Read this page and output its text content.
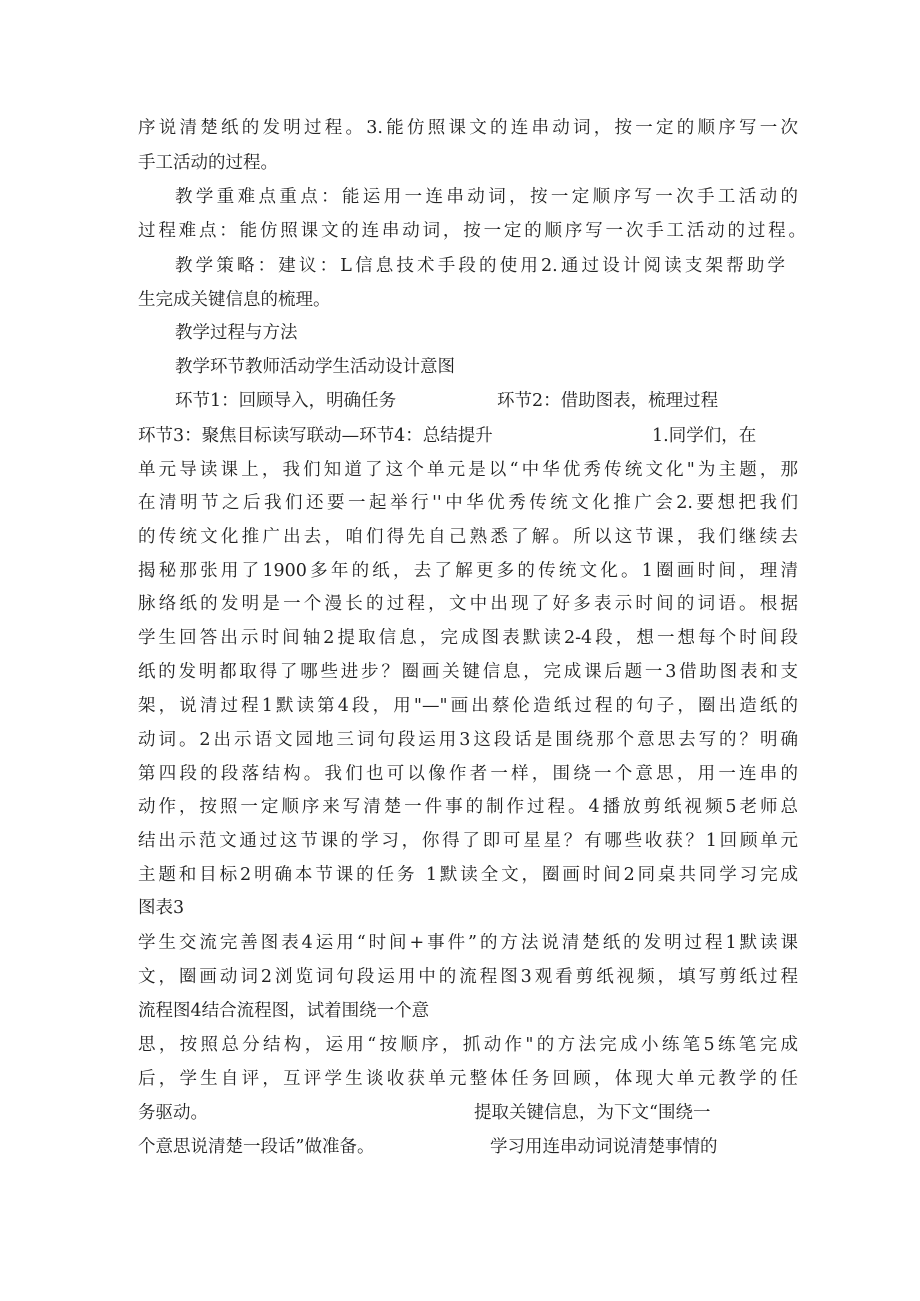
序说清楚纸的发明过程。3.能仿照课文的连串动词，按一定的顺序写一次
手工活动的过程。
教学重难点重点：能运用一连串动词，按一定顺序写一次手工活动的
过程难点：能仿照课文的连串动词，按一定的顺序写一次手工活动的过程。
教学策略：建议：L信息技术手段的使用2.通过设计阅读支架帮助学
生完成关键信息的梳理。
教学过程与方法
教学环节教师活动学生活动设计意图
环节1：回顾导入，明确任务	环节2：借助图表，梳理过程
环节3：聚焦目标读写联动—环节4：总结提升	1.同学们，在
单元导读课上，我们知道了这个单元是以“中华优秀传统文化"为主题，那
在清明节之后我们还要一起举行''中华优秀传统文化推广会2.要想把我们
的传统文化推广出去，咱们得先自己熟悉了解。所以这节课，我们继续去
揭秘那张用了1900多年的纸，去了解更多的传统文化。1圈画时间，理清
脉络纸的发明是一个漫长的过程，文中出现了好多表示时间的词语。根据
学生回答出示时间轴2提取信息，完成图表默读2-4段，想一想每个时间段
纸的发明都取得了哪些进步？圈画关键信息，完成课后题一3借助图表和支
架，说清过程1默读第4段，用"—"画出蔡伦造纸过程的句子，圈出造纸的
动词。2出示语文园地三词句段运用3这段话是围绕那个意思去写的？明确
第四段的段落结构。我们也可以像作者一样，围绕一个意思，用一连串的
动作，按照一定顺序来写清楚一件事的制作过程。4播放剪纸视频5老师总
结出示范文通过这节课的学习，你得了即可星星？有哪些收获？1回顾单元
主题和目标2明确本节课的任务 1默读全文，圈画时间2同桌共同学习完成
图表3
学生交流完善图表4运用“时间+事件”的方法说清楚纸的发明过程1默读课
文，圈画动词2浏览词句段运用中的流程图3观看剪纸视频，填写剪纸过程
流程图4结合流程图，试着围绕一个意
思，按照总分结构，运用“按顺序，抓动作"的方法完成小练笔5练笔完成
后，学生自评，互评学生谈收获单元整体任务回顾，体现大单元教学的任
务驱动。	提取关键信息，为下文“围绕一
个意思说清楚一段话”做准备。	学习用连串动词说清楚事情的
